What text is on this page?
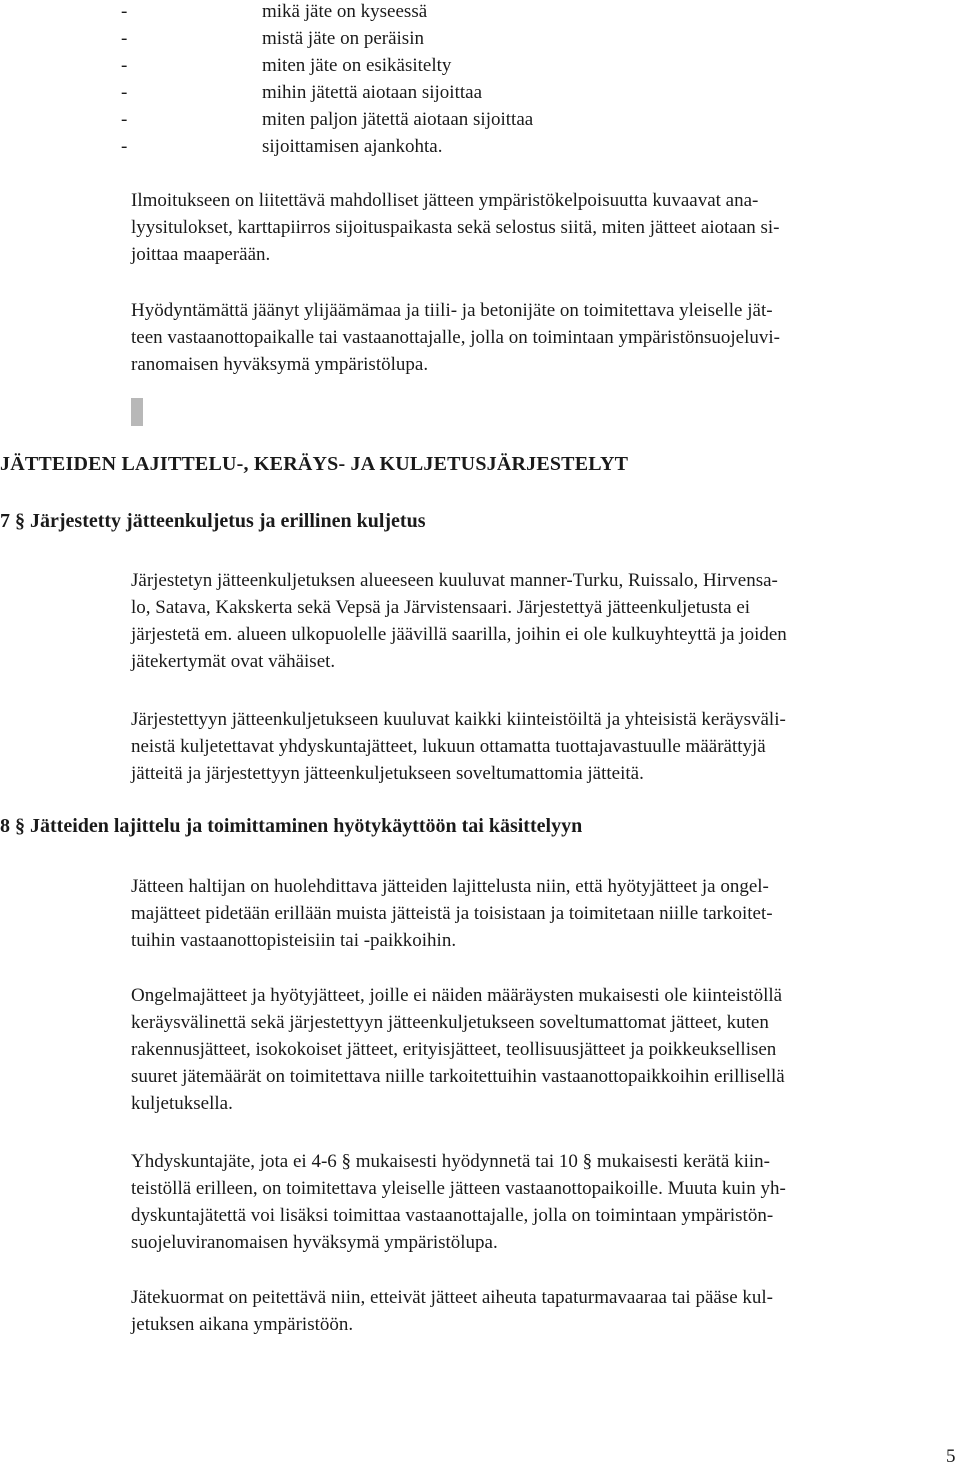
-	mikä jäte on kyseessä
-	mistä jäte on peräisin
-	miten jäte on esikäsitelty
-	mihin jätettä aiotaan sijoittaa
-	miten paljon jätettä aiotaan sijoittaa
-	sijoittamisen ajankohta.
Ilmoitukseen on liitettävä mahdolliset jätteen ympäristökelpoisuutta kuvaavat ana-
lyysitulokset, karttapiirros sijoituspaikasta sekä selostus siitä, miten jätteet aiotaan si-
joittaa maaperään.
Hyödyntämättä jäänyt ylijäämämaa ja tiili- ja betonijäte on toimitettava yleiselle jät-
teen vastaanottopaikalle tai vastaanottajalle, jolla on toimintaan ympäristönsuojeluvi-
ranomaisen hyväksymä ympäristölupa.
JÄTTEIDEN LAJITTELU-, KERÄYS- JA KULJETUSJÄRJESTELYT
7 § Järjestetty jätteenkuljetus ja erillinen kuljetus
Järjestetyn jätteenkuljetuksen alueeseen kuuluvat manner-Turku, Ruissalo, Hirvensa-
lo, Satava, Kakskerta sekä Vepsä ja Järvistensaari. Järjestettyä jätteenkuljetusta ei
järjestetä em. alueen ulkopuolelle jäävillä saarilla, joihin ei ole kulkuyhteyttä ja joiden
jätekertymät ovat vähäiset.
Järjestettyyn jätteenkuljetukseen kuuluvat kaikki kiinteistöiltä ja yhteisistä keräysväli-
neistä kuljetettavat yhdyskuntajätteet, lukuun ottamatta tuottajavastuulle määrättyjä
jätteitä ja järjestettyyn jätteenkuljetukseen soveltumattomia jätteitä.
8 § Jätteiden lajittelu ja toimittaminen hyötykäyttöön tai käsittelyyn
Jätteen haltijan on huolehdittava jätteiden lajittelusta niin, että hyötyjätteet ja ongel-
majätteet pidetään erillään muista jätteistä ja toisistaan ja toimitetaan niille tarkoitet-
tuihin vastaanottopisteisiin tai -paikkoihin.
Ongelmajätteet ja hyötyjätteet, joille ei näiden määräysten mukaisesti ole kiinteistöllä
keräysvälinettä sekä järjestettyyn jätteenkuljetukseen soveltumattomat jätteet, kuten
rakennusjätteet, isokokoiset jätteet, erityisjätteet, teollisuusjätteet ja poikkeuksellisen
suuret jätemäärät on toimitettava niille tarkoitettuihin vastaanottopaikkoihin erillisellä
kuljetuksella.
Yhdyskuntajäte, jota ei 4-6 § mukaisesti hyödynnetä tai 10 § mukaisesti kerätä kiin-
teistöllä erilleen, on toimitettava yleiselle jätteen vastaanottopaikoille. Muuta kuin yh-
dyskuntajätettä voi lisäksi toimittaa vastaanottajalle, jolla on toimintaan ympäristön-
suojeluviranomaisen hyväksymä ympäristölupa.
Jätekuormat on peitettävä niin, etteivät jätteet aiheuta tapaturmavaaraa tai pääse kul-
jetuksen aikana ympäristöön.
5
